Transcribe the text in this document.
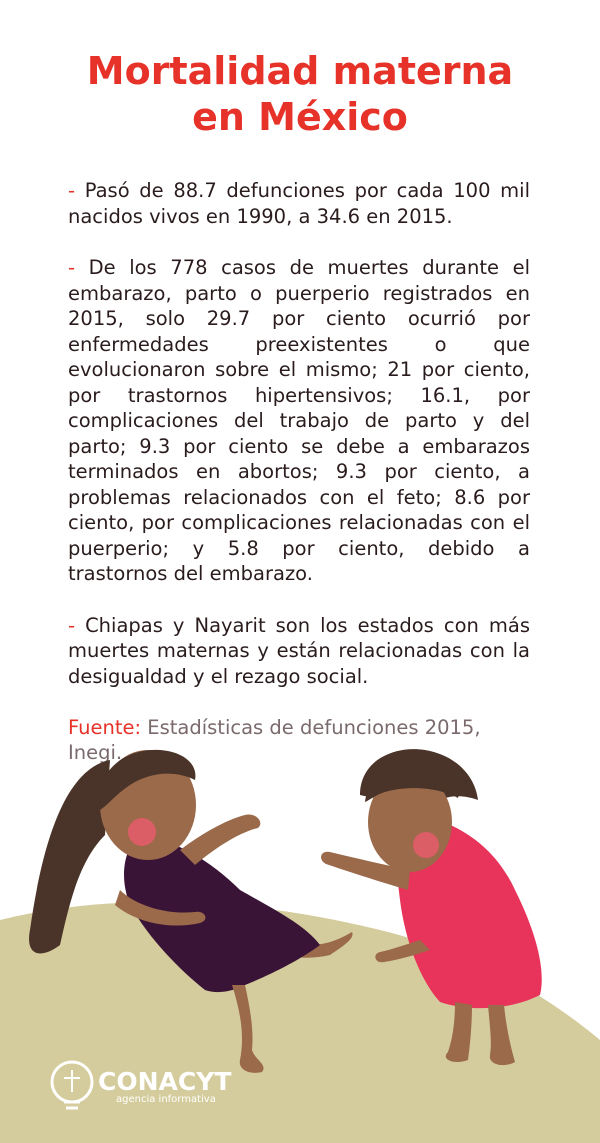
Mortalidad materna
en México

- Pasó de 88.7 defunciones por cada 100 mil nacidos vivos en 1990, a 34.6 en 2015.

- De los 778 casos de muertes durante el embarazo, parto o puerperio registrados en 2015, solo 29.7 por ciento ocurrió por enfermedades preexistentes o que evolucionaron sobre el mismo; 21 por ciento, por trastornos hipertensivos; 16.1, por complicaciones del trabajo de parto y del parto; 9.3 por ciento se debe a embarazos terminados en abortos; 9.3 por ciento, a problemas relacionados con el feto; 8.6 por ciento, por complicaciones relacionadas con el puerperio; y 5.8 por ciento, debido a trastornos del embarazo.

- Chiapas y Nayarit son los estados con más muertes maternas y están relacionadas con la desigualdad y el rezago social.

Fuente: Estadísticas de defunciones 2015, Inegi.

CONACYT
agencia informativa
